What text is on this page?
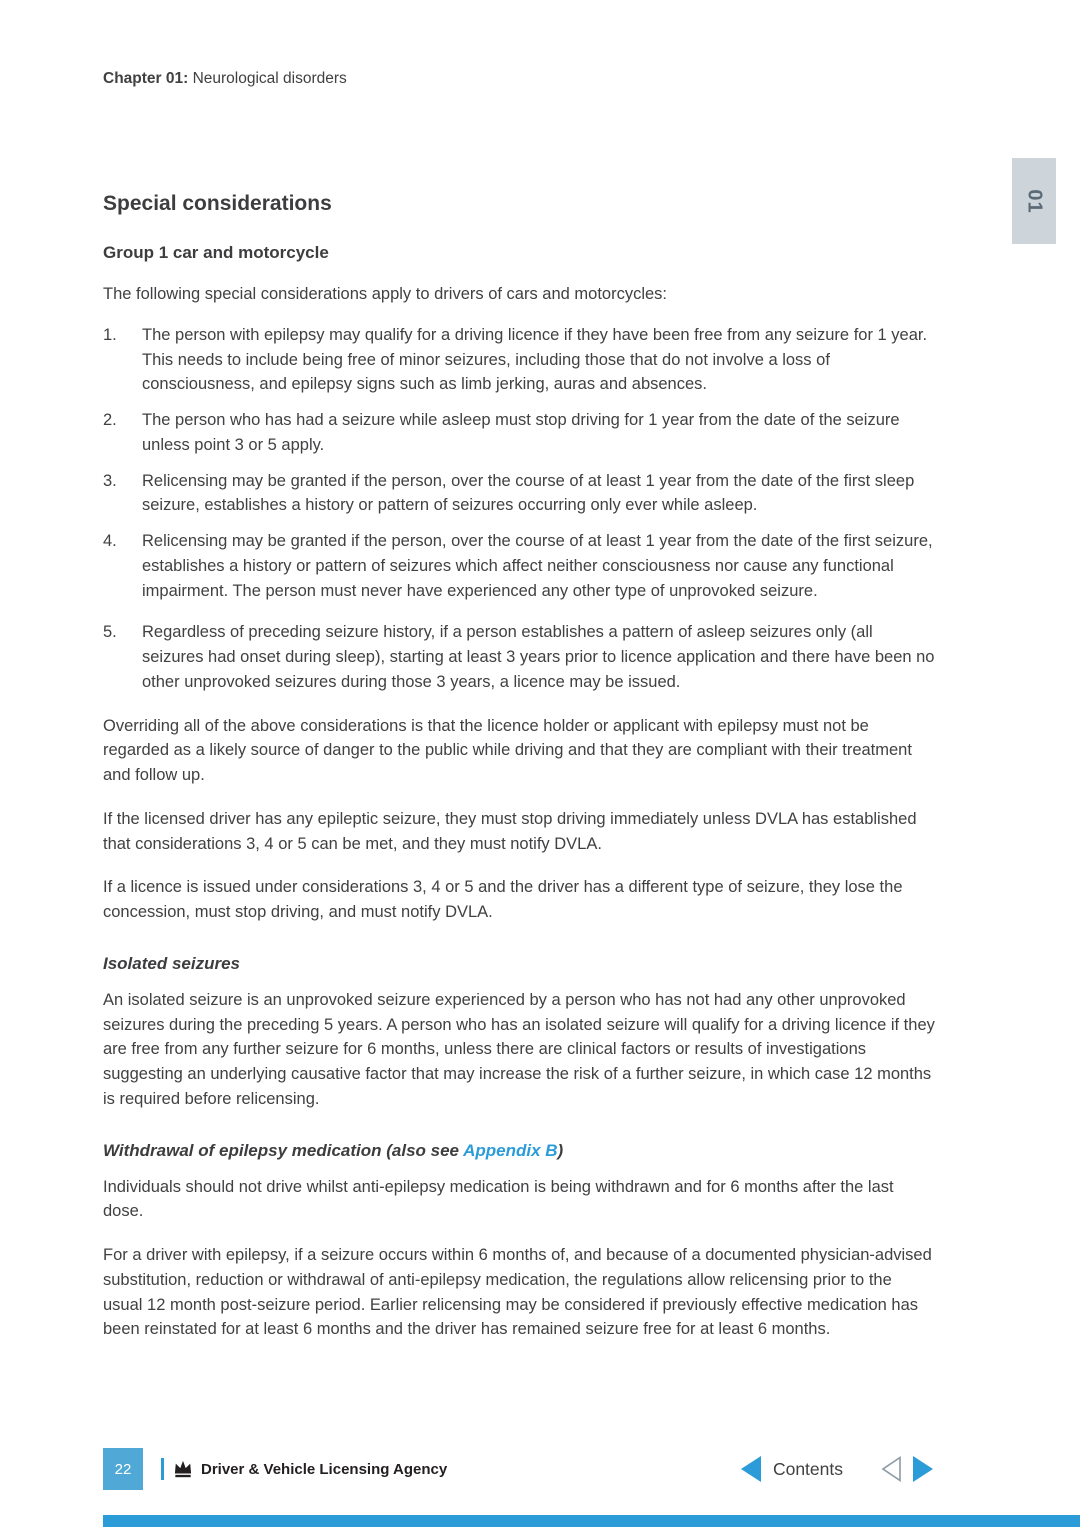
Chapter 01: Neurological disorders
Special considerations
Group 1 car and motorcycle

The following special considerations apply to drivers of cars and motorcycles:

1.	The person with epilepsy may qualify for a driving licence if they have been free from any seizure for 1 year. This needs to include being free of minor seizures, including those that do not involve a loss of consciousness, and epilepsy signs such as limb jerking, auras and absences.
2.	The person who has had a seizure while asleep must stop driving for 1 year from the date of the seizure unless point 3 or 5 apply.
3.	Relicensing may be granted if the person, over the course of at least 1 year from the date of the first sleep seizure, establishes a history or pattern of seizures occurring only ever while asleep.
4.	Relicensing may be granted if the person, over the course of at least 1 year from the date of the first seizure, establishes a history or pattern of seizures which affect neither consciousness nor cause any functional impairment. The person must never have experienced any other type of unprovoked seizure.
5.	Regardless of preceding seizure history, if a person establishes a pattern of asleep seizures only (all seizures had onset during sleep), starting at least 3 years prior to licence application and there have been no other unprovoked seizures during those 3 years, a licence may be issued.

Overriding all of the above considerations is that the licence holder or applicant with epilepsy must not be regarded as a likely source of danger to the public while driving and that they are compliant with their treatment and follow up.

If the licensed driver has any epileptic seizure, they must stop driving immediately unless DVLA has established that considerations 3, 4 or 5 can be met, and they must notify DVLA.

If a licence is issued under considerations 3, 4 or 5 and the driver has a different type of seizure, they lose the concession, must stop driving, and must notify DVLA.

Isolated seizures

An isolated seizure is an unprovoked seizure experienced by a person who has not had any other unprovoked seizures during the preceding 5 years. A person who has an isolated seizure will qualify for a driving licence if they are free from any further seizure for 6 months, unless there are clinical factors or results of investigations suggesting an underlying causative factor that may increase the risk of a further seizure, in which case 12 months is required before relicensing.

Withdrawal of epilepsy medication (also see Appendix B)

Individuals should not drive whilst anti-epilepsy medication is being withdrawn and for 6 months after the last dose.

For a driver with epilepsy, if a seizure occurs within 6 months of, and because of a documented physician-advised substitution, reduction or withdrawal of anti-epilepsy medication, the regulations allow relicensing prior to the usual 12 month post-seizure period. Earlier relicensing may be considered if previously effective medication has been reinstated for at least 6 months and the driver has remained seizure free for at least 6 months.

01
22	Driver & Vehicle Licensing Agency	Contents
